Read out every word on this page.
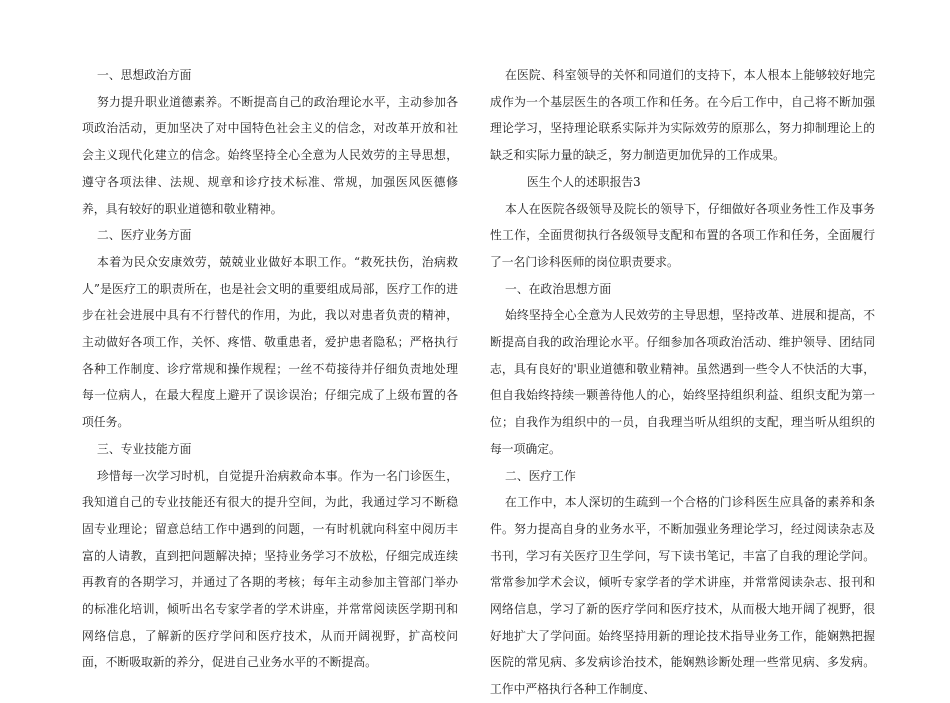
一、思想政治方面

努力提升职业道德素养。不断提高自己的政治理论水平，主动参加各项政治活动，更加坚决了对中国特色社会主义的信念，对改革开放和社会主义现代化建立的信念。始终坚持全心全意为人民效劳的主导思想，遵守各项法律、法规、规章和诊疗技术标准、常规，加强医风医德修养，具有较好的职业道德和敬业精神。

二、医疗业务方面

本着为民众安康效劳，兢兢业业做好本职工作。“救死扶伤，治病救人”是医疗工的职责所在，也是社会文明的重要组成局部，医疗工作的进步在社会进展中具有不行替代的作用，为此，我以对患者负责的精神，主动做好各项工作，关怀、疼惜、敬重患者，爱护患者隐私；严格执行各种工作制度、诊疗常规和操作规程；一丝不苟接待并仔细负责地处理每一位病人，在最大程度上避开了误诊误治；仔细完成了上级布置的各项任务。

三、专业技能方面

珍惜每一次学习时机，自觉提升治病救命本事。作为一名门诊医生，我知道自己的专业技能还有很大的提升空间，为此，我通过学习不断稳固专业理论；留意总结工作中遇到的问题，一有时机就向科室中阅历丰富的人请教，直到把问题解决掉；坚持业务学习不放松，仔细完成连续再教育的各期学习，并通过了各期的考核；每年主动参加主管部门举办的标准化培训，倾听出名专家学者的学术讲座，并常常阅读医学期刊和网络信息，了解新的医疗学问和医疗技术，从而开阔视野，扩高校问面，不断吸取新的养分，促进自己业务水平的不断提高。

在医院、科室领导的关怀和同道们的支持下，本人根本上能够较好地完成作为一个基层医生的各项工作和任务。在今后工作中，自己将不断加强理论学习，坚持理论联系实际并为实际效劳的原那么，努力抑制理论上的缺乏和实际力量的缺乏，努力制造更加优异的工作成果。

医生个人的述职报告3

本人在医院各级领导及院长的领导下，仔细做好各项业务性工作及事务性工作，全面贯彻执行各级领导支配和布置的各项工作和任务，全面履行了一名门诊科医师的岗位职责要求。

一、在政治思想方面

始终坚持全心全意为人民效劳的主导思想，坚持改革、进展和提高，不断提高自我的政治理论水平。仔细参加各项政治活动、维护领导、团结同志，具有良好的'职业道德和敬业精神。虽然遇到一些令人不快活的大事，但自我始终持续一颗善待他人的心，始终坚持组织利益、组织支配为第一位；自我作为组织中的一员，自我理当听从组织的支配，理当听从组织的每一项确定。

二、医疗工作

在工作中，本人深切的生疏到一个合格的门诊科医生应具备的素养和条件。努力提高自身的业务水平，不断加强业务理论学习，经过阅读杂志及书刊，学习有关医疗卫生学问，写下读书笔记，丰富了自我的理论学问。常常参加学术会议，倾听专家学者的学术讲座，并常常阅读杂志、报刊和网络信息，学习了新的医疗学问和医疗技术，从而极大地开阔了视野，很好地扩大了学问面。始终坚持用新的理论技术指导业务工作，能娴熟把握医院的常见病、多发病诊治技术，能娴熟诊断处理一些常见病、多发病。工作中严格执行各种工作制度、
